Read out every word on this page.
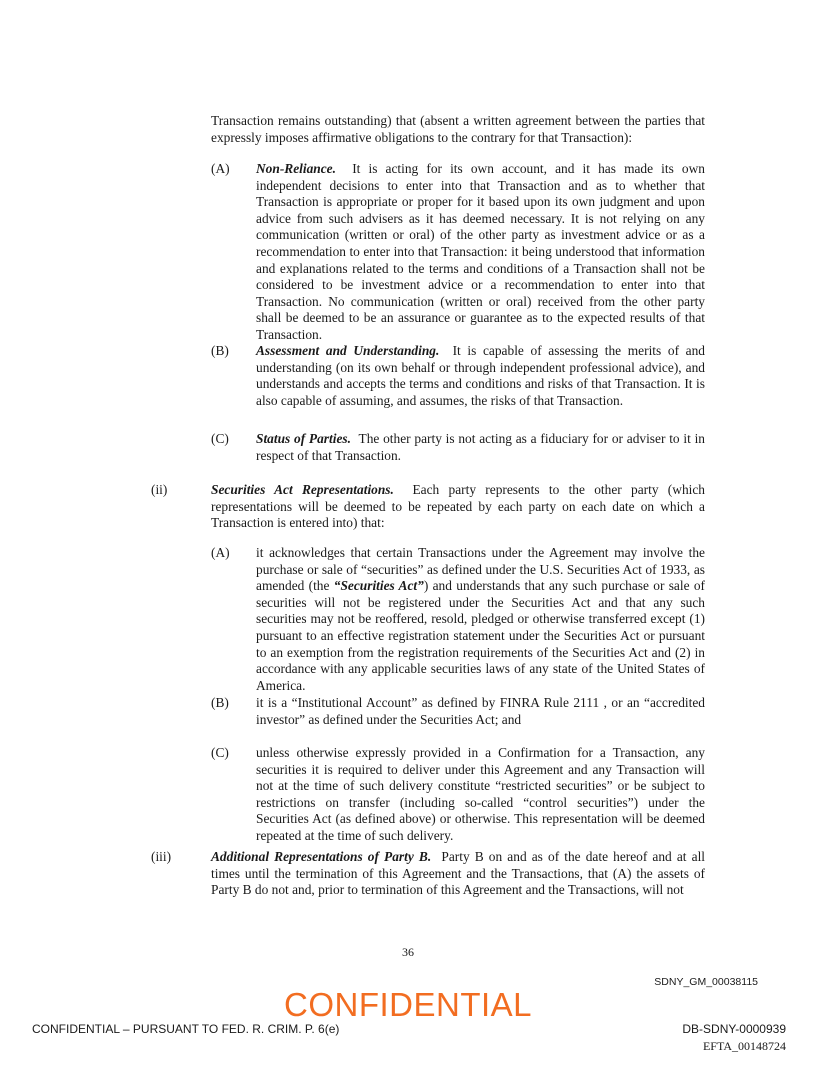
Transaction remains outstanding) that (absent a written agreement between the parties that expressly imposes affirmative obligations to the contrary for that Transaction):

(A) Non-Reliance. It is acting for its own account, and it has made its own independent decisions to enter into that Transaction and as to whether that Transaction is appropriate or proper for it based upon its own judgment and upon advice from such advisers as it has deemed necessary. It is not relying on any communication (written or oral) of the other party as investment advice or as a recommendation to enter into that Transaction: it being understood that information and explanations related to the terms and conditions of a Transaction shall not be considered to be investment advice or a recommendation to enter into that Transaction. No communication (written or oral) received from the other party shall be deemed to be an assurance or guarantee as to the expected results of that Transaction.

(B) Assessment and Understanding. It is capable of assessing the merits of and understanding (on its own behalf or through independent professional advice), and understands and accepts the terms and conditions and risks of that Transaction. It is also capable of assuming, and assumes, the risks of that Transaction.

(C) Status of Parties. The other party is not acting as a fiduciary for or adviser to it in respect of that Transaction.

(ii)	Securities Act Representations. Each party represents to the other party (which representations will be deemed to be repeated by each party on each date on which a Transaction is entered into) that:

(A) it acknowledges that certain Transactions under the Agreement may involve the purchase or sale of “securities” as defined under the U.S. Securities Act of 1933, as amended (the “Securities Act”) and understands that any such purchase or sale of securities will not be registered under the Securities Act and that any such securities may not be reoffered, resold, pledged or otherwise transferred except (1) pursuant to an effective registration statement under the Securities Act or pursuant to an exemption from the registration requirements of the Securities Act and (2) in accordance with any applicable securities laws of any state of the United States of America.

(B) it is a “Institutional Account” as defined by FINRA Rule 2111 , or an “accredited investor” as defined under the Securities Act; and

(C) unless otherwise expressly provided in a Confirmation for a Transaction, any securities it is required to deliver under this Agreement and any Transaction will not at the time of such delivery constitute “restricted securities” or be subject to restrictions on transfer (including so-called “control securities”) under the Securities Act (as defined above) or otherwise. This representation will be deemed repeated at the time of such delivery.

(iii)	Additional Representations of Party B. Party B on and as of the date hereof and at all times until the termination of this Agreement and the Transactions, that (A) the assets of Party B do not and, prior to termination of this Agreement and the Transactions, will not

36
SDNY_GM_00038115
CONFIDENTIAL
CONFIDENTIAL – PURSUANT TO FED. R. CRIM. P. 6(e)	DB-SDNY-0000939
EFTA_00148724
